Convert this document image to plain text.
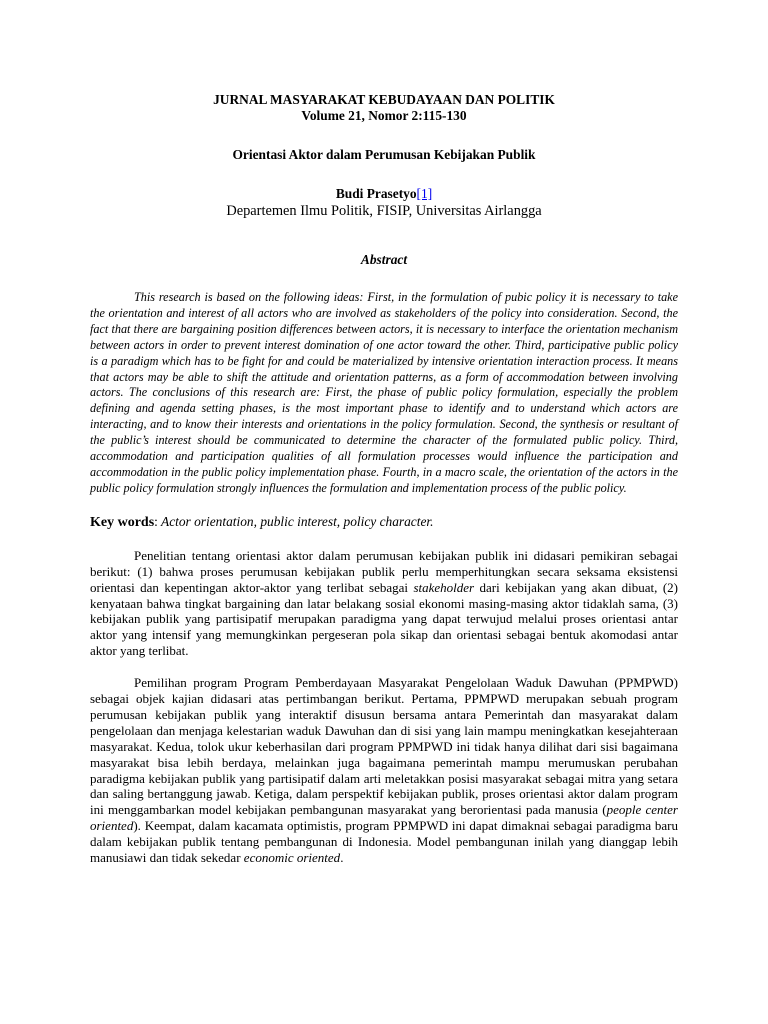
JURNAL MASYARAKAT KEBUDAYAAN DAN POLITIK

Volume 21, Nomor 2:115-130

Orientasi Aktor dalam Perumusan Kebijakan Publik

Budi Prasetyo[1]

Departemen Ilmu Politik, FISIP, Universitas Airlangga

Abstract

This research is based on the following ideas: First, in the formulation of pubic policy it is necessary to take the orientation and interest of all actors who are involved as stakeholders of the policy into consideration. Second, the fact that there are bargaining position differences between actors, it is necessary to interface the orientation mechanism between actors in order to prevent interest domination of one actor toward the other. Third, participative public policy is a paradigm which has to be fight for and could be materialized by intensive orientation interaction process. It means that actors may be able to shift the attitude and orientation patterns, as a form of accommodation between involving actors. The conclusions of this research are: First, the phase of public policy formulation, especially the problem defining and agenda setting phases, is the most important phase to identify and to understand which actors are interacting, and to know their interests and orientations in the policy formulation. Second, the synthesis or resultant of the public’s interest should be communicated to determine the character of the formulated public policy. Third, accommodation and participation qualities of all formulation processes would influence the participation and accommodation in the public policy implementation phase. Fourth, in a macro scale, the orientation of the actors in the public policy formulation strongly influences the formulation and implementation process of the public policy.

Key words: Actor orientation, public interest, policy character.

Penelitian tentang orientasi aktor dalam perumusan kebijakan publik ini didasari pemikiran sebagai berikut: (1) bahwa proses perumusan kebijakan publik perlu memperhitungkan secara seksama eksistensi orientasi dan kepentingan aktor-aktor yang terlibat sebagai stakeholder dari kebijakan yang akan dibuat, (2) kenyataan bahwa tingkat bargaining dan latar belakang sosial ekonomi masing-masing aktor tidaklah sama, (3) kebijakan publik yang partisipatif merupakan paradigma yang dapat terwujud melalui proses orientasi antar aktor yang intensif yang memungkinkan pergeseran pola sikap dan orientasi sebagai bentuk akomodasi antar aktor yang terlibat.

Pemilihan program Program Pemberdayaan Masyarakat Pengelolaan Waduk Dawuhan (PPMPWD) sebagai objek kajian didasari atas pertimbangan berikut. Pertama, PPMPWD merupakan sebuah program perumusan kebijakan publik yang interaktif disusun bersama antara Pemerintah dan masyarakat dalam pengelolaan dan menjaga kelestarian waduk Dawuhan dan di sisi yang lain mampu meningkatkan kesejahteraan masyarakat. Kedua, tolok ukur keberhasilan dari program PPMPWD ini tidak hanya dilihat dari sisi bagaimana masyarakat bisa lebih berdaya, melainkan juga bagaimana pemerintah mampu merumuskan perubahan paradigma kebijakan publik yang partisipatif dalam arti meletakkan posisi masyarakat sebagai mitra yang setara dan saling bertanggung jawab. Ketiga, dalam perspektif kebijakan publik, proses orientasi aktor dalam program ini menggambarkan model kebijakan pembangunan masyarakat yang berorientasi pada manusia (people center oriented). Keempat, dalam kacamata optimistis, program PPMPWD ini dapat dimaknai sebagai paradigma baru dalam kebijakan publik tentang pembangunan di Indonesia. Model pembangunan inilah yang dianggap lebih manusiawi dan tidak sekedar economic oriented.
